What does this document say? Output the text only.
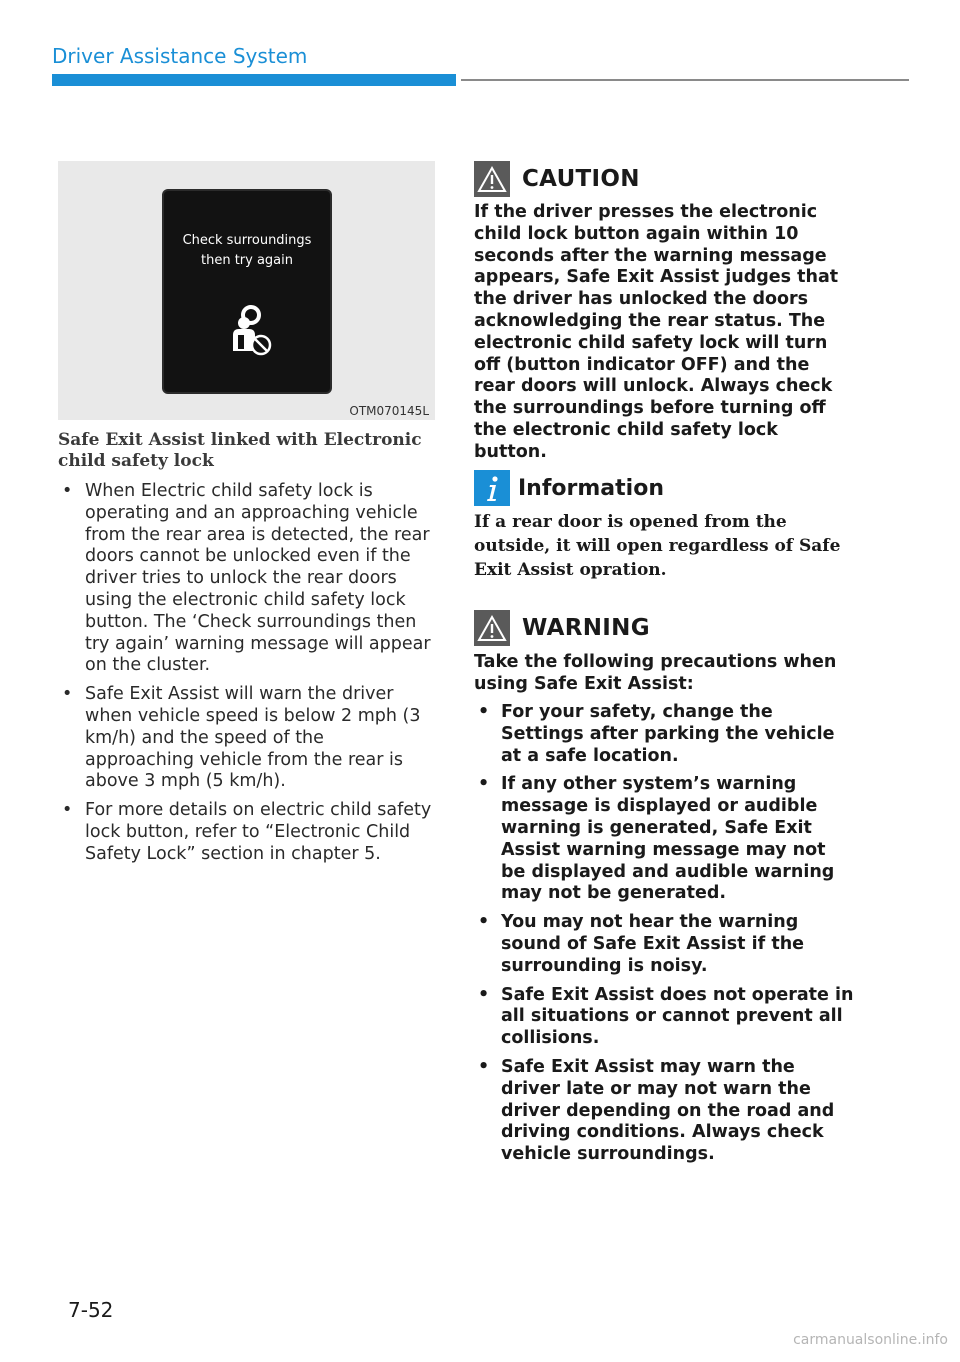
Driver Assistance System
Check surroundings
then try again
OTM070145L
Safe Exit Assist linked with Electronic child safety lock
• When Electric child safety lock is operating and an approaching vehicle from the rear area is detected, the rear doors cannot be unlocked even if the driver tries to unlock the rear doors using the electronic child safety lock button. The ‘Check surroundings then try again’ warning message will appear on the cluster.
• Safe Exit Assist will warn the driver when vehicle speed is below 2 mph (3 km/h) and the speed of the approaching vehicle from the rear is above 3 mph (5 km/h).
• For more details on electric child safety lock button, refer to “Electronic Child Safety Lock” section in chapter 5.
CAUTION
If the driver presses the electronic child lock button again within 10 seconds after the warning message appears, Safe Exit Assist judges that the driver has unlocked the doors acknowledging the rear status. The electronic child safety lock will turn off (button indicator OFF) and the rear doors will unlock. Always check the surroundings before turning off the electronic child safety lock button.
Information
If a rear door is opened from the outside, it will open regardless of Safe Exit Assist opration.
WARNING
Take the following precautions when using Safe Exit Assist:
• For your safety, change the Settings after parking the vehicle at a safe location.
• If any other system’s warning message is displayed or audible warning is generated, Safe Exit Assist warning message may not be displayed and audible warning may not be generated.
• You may not hear the warning sound of Safe Exit Assist if the surrounding is noisy.
• Safe Exit Assist does not operate in all situations or cannot prevent all collisions.
• Safe Exit Assist may warn the driver late or may not warn the driver depending on the road and driving conditions. Always check vehicle surroundings.
7-52
carmanualsonline.info
